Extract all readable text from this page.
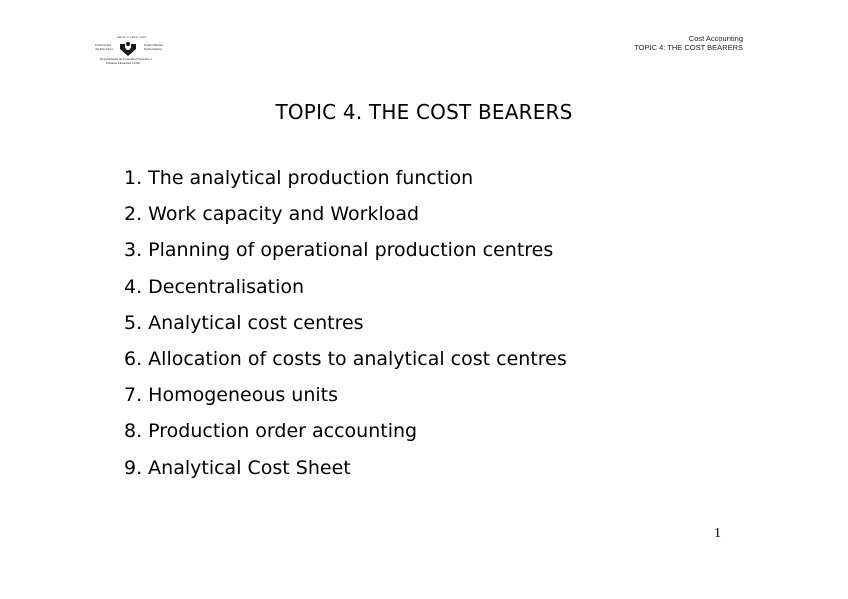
eman ta zabal zazu
Universidad
del País Vasco
Euskal Herriko
Unibertsitatea
Departamento de Economía Financiera I
Finantza Ekonomia I Saila
Cost Accounting
TOPIC 4: THE COST BEARERS
TOPIC 4. THE COST BEARERS
1. The analytical production function
2. Work capacity and Workload
3. Planning of operational production centres
4. Decentralisation
5. Analytical cost centres
6. Allocation of costs to analytical cost centres
7. Homogeneous units
8. Production order accounting
9. Analytical Cost Sheet
1
